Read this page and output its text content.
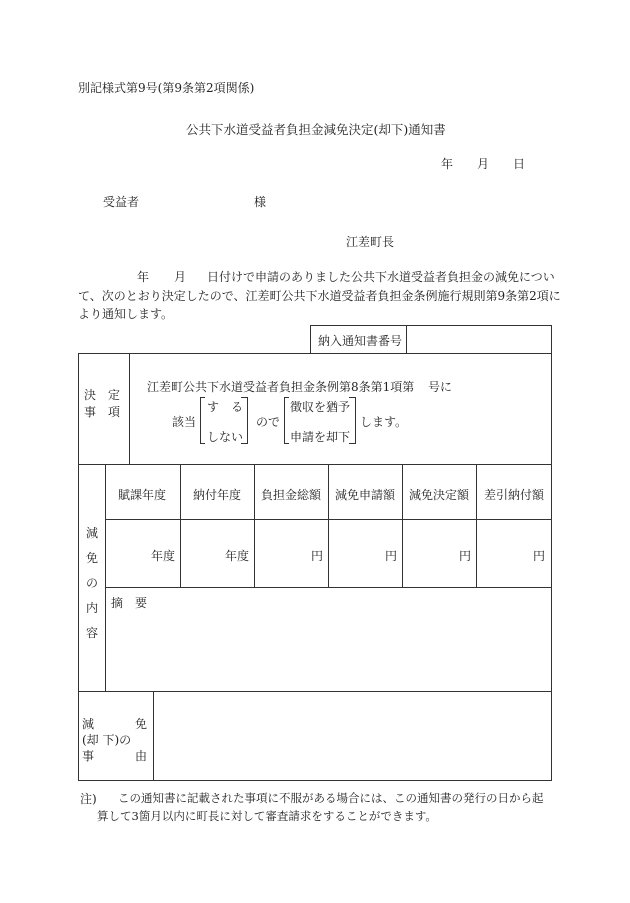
別記様式第9号(第9条第2項関係)
公共下水道受益者負担金減免決定(却下)通知書
年 月 日
受益者	様
江差町長
年 月 日付けで申請のありました公共下水道受益者負担金の減免につい
て、次のとおり決定したので、江差町公共下水道受益者負担金条例施行規則第9条第2項に
より通知します。
納入通知書番号
決　定
事　項
江差町公共下水道受益者負担金条例第8条第1項第 号に
該当
す　る
しない
ので
徴収を猶予
申請を却下
します。
減
免
の
内
容
賦課年度 納付年度 負担金総額 減免申請額 減免決定額 差引納付額
年度	年度	円	円	円	円
摘　要
減	免
(却 下)の
事	由
注) この通知書に記載された事項に不服がある場合には、この通知書の発行の日から起
算して3箇月以内に町長に対して審査請求をすることができます。
